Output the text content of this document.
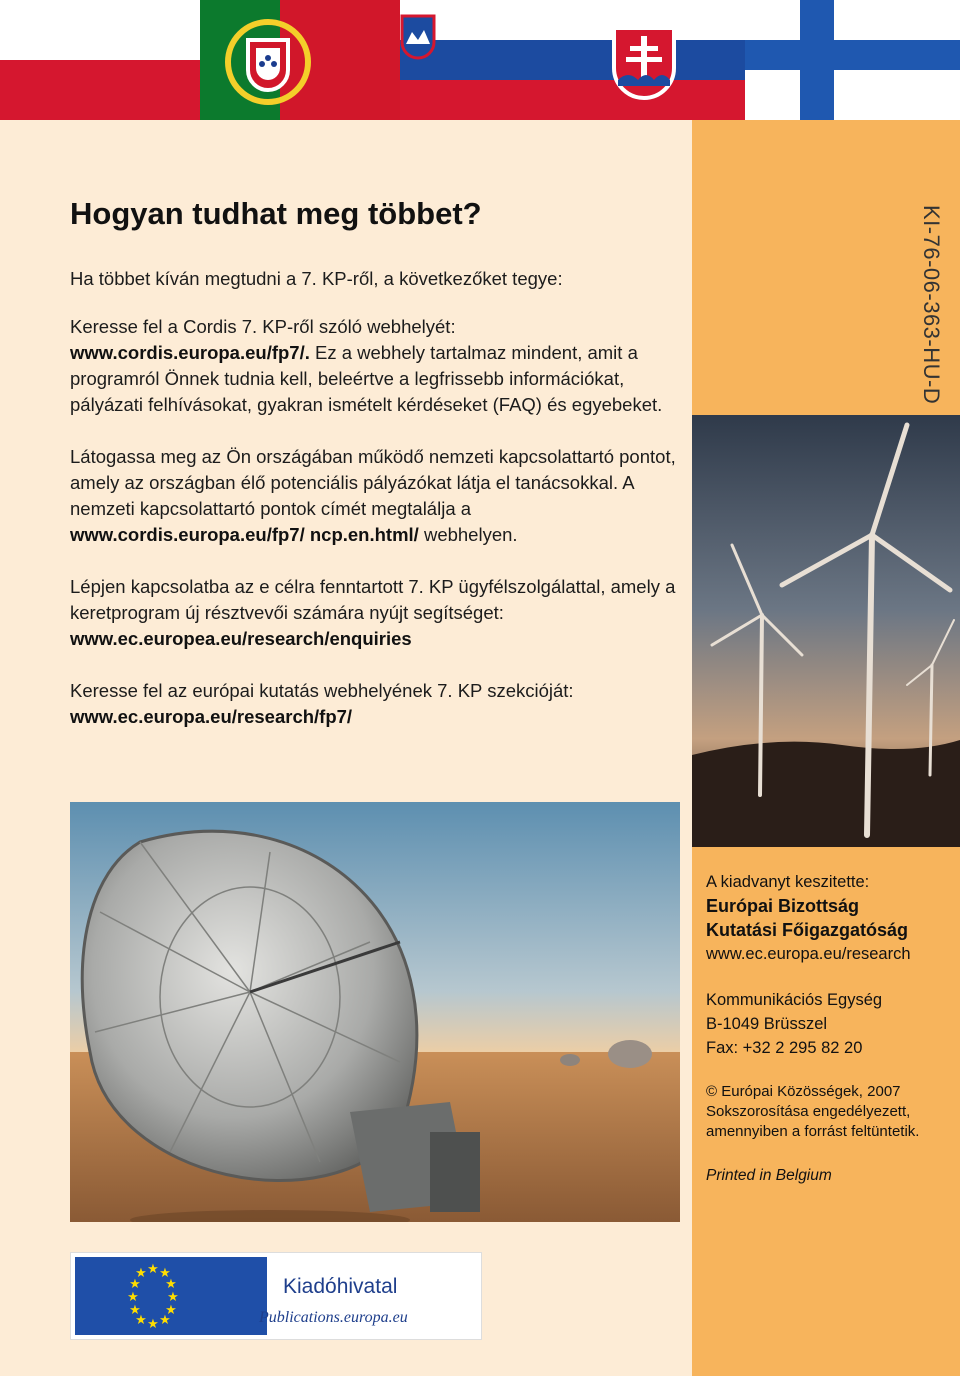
Hogyan tudhat meg többet?

Ha többet kíván megtudni a 7. KP-ről, a következőket tegye:

Keresse fel a Cordis 7. KP-ről szóló webhelyét:
www.cordis.europa.eu/fp7/. Ez a webhely tartalmaz mindent, amit a programról Önnek tudnia kell, beleértve a legfrissebb információkat, pályázati felhívásokat, gyakran ismételt kérdéseket (FAQ) és egyebeket.

Látogassa meg az Ön országában működő nemzeti kapcsolattartó pontot, amely az országban élő potenciális pályázókat látja el tanácsokkal. A nemzeti kapcsolattartó pontok címét megtalálja a www.cordis.europa.eu/fp7/ ncp.en.html/ webhelyen.

Lépjen kapcsolatba az e célra fenntartott 7. KP ügyfélszolgálattal, amely a keretprogram új résztvevői számára nyújt segítséget:
www.ec.europea.eu/research/enquiries

Keresse fel az európai kutatás webhelyének 7. KP szekcióját:
www.ec.europa.eu/research/fp7/

KI-76-06-363-HU-D
A kiadvanyt keszitette:
Európai Bizottság
Kutatási Főigazgatóság
www.ec.europa.eu/research
Kommunikációs Egység
B-1049 Brüsszel
Fax: +32 2 295 82 20
© Európai Közösségek, 2007
Sokszorosítása engedélyezett,
amennyiben a forrást feltüntetik.
Printed in Belgium
★ ★ ★
★
★
★
★
★
★
★
★
★	Kiadóhivatal
Publications.europa.eu
